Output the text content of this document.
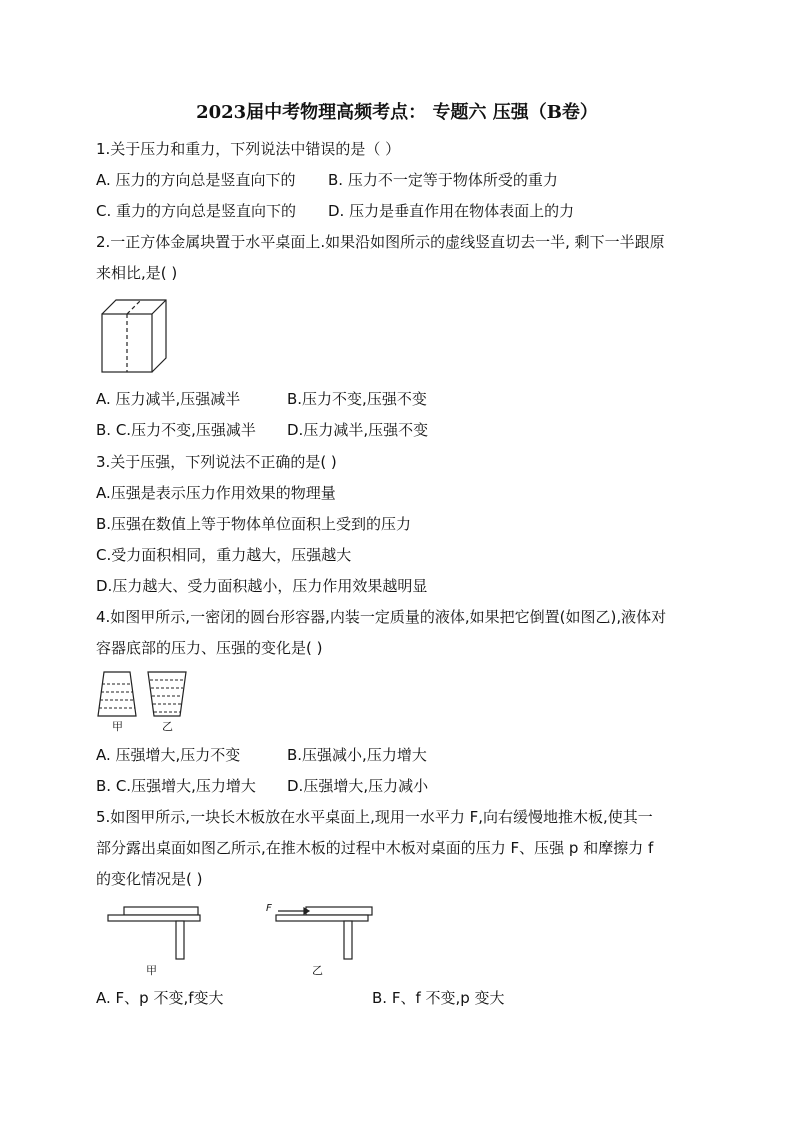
2023届中考物理高频考点： 专题六 压强（B卷）
1.关于压力和重力，下列说法中错误的是（ ）
A. 压力的方向总是竖直向下的 B. 压力不一定等于物体所受的重力
C. 重力的方向总是竖直向下的 D. 压力是垂直作用在物体表面上的力
2.一正方体金属块置于水平桌面上.如果沿如图所示的虚线竖直切去一半, 剩下一半跟原
来相比,是( )
A. 压力减半,压强减半	B.压力不变,压强不变
B. C.压力不变,压强减半 D.压力减半,压强不变
3.关于压强，下列说法不正确的是( )
A.压强是表示压力作用效果的物理量
B.压强在数值上等于物体单位面积上受到的压力
C.受力面积相同，重力越大，压强越大
D.压力越大、受力面积越小，压力作用效果越明显
4.如图甲所示,一密闭的圆台形容器,内装一定质量的液体,如果把它倒置(如图乙),液体对
容器底部的压力、压强的变化是( )
甲	乙
A. 压强增大,压力不变	B.压强减小,压力增大
B. C.压强增大,压力增大 D.压强增大,压力减小
5.如图甲所示,一块长木板放在水平桌面上,现用一水平力 F,向右缓慢地推木板,使其一
部分露出桌面如图乙所示,在推木板的过程中木板对桌面的压力 F、压强 p 和摩擦力 f
的变化情况是( )
甲
F
乙
A. F、p 不变,f变大	B. F、f 不变,p 变大
